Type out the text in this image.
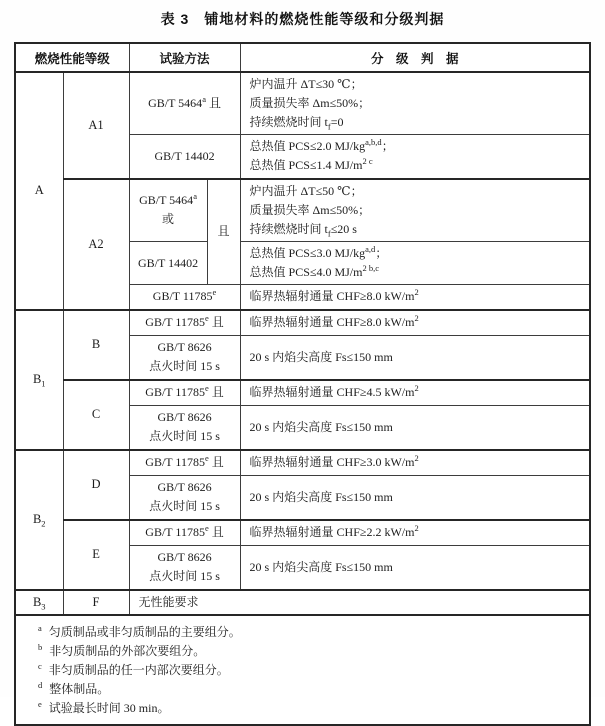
表 3　铺地材料的燃烧性能等级和分级判据
燃烧性能等级		试验方法		分　级　判　据
A	A1	GB/T 5464$^a$ 且		炉内温升 ΔT≤30 ℃；
质量损失率 Δm≤50%；
持续燃烧时间 $t_f=0$

		GB/T 14402		总热值 PCS≤2.0 MJ/kg$^{a,b,d}$；
总热值 PCS≤1.4 $MJ/m^{2 c}$

	A2	GB/T 5464$^a$ 或	且	炉内温升 ΔT≤50 ℃；
质量损失率 Δm≤50%；
持续燃烧时间 $t_f\le 20$ s

		GB/T 14402		总热值 PCS≤3.0 MJ/kg$^{a,d}$；
总热值 PCS≤4.0 $MJ/m^{2 b,c}$

		GB/T 11785e		临界热辐射通量 CHF≥8.0 $kW/m^2$
$B_1$	B	GB/T 11785e 且		临界热辐射通量 CHF≥8.0 $kW/m^2$

		GB/T 8626
点火时间 15 s		20 s 内焰尖高度 Fs≤150 mm
	C	GB/T 11785e 且		临界热辐射通量 CHF≥4.5 $kW/m^2$

		GB/T 8626
点火时间 15 s		20 s 内焰尖高度 Fs≤150 mm
$B_2$	D	GB/T 11785e 且		临界热辐射通量 CHF≥3.0 $kW/m^2$

		GB/T 8626
点火时间 15 s		20 s 内焰尖高度 Fs≤150 mm
	E	GB/T 11785e 且		临界热辐射通量 CHF≥2.2 $kW/m^2$

		GB/T 8626
点火时间 15 s		20 s 内焰尖高度 Fs≤150 mm
$B_3$	F	无性能要求		

$^a$ 匀质制品或非匀质制品的主要组分。
$^b$ 非匀质制品的外部次要组分。
$^c$ 非匀质制品的任一内部次要组分。
$^d$ 整体制品。
$^e$ 试验最长时间 30 min。				
